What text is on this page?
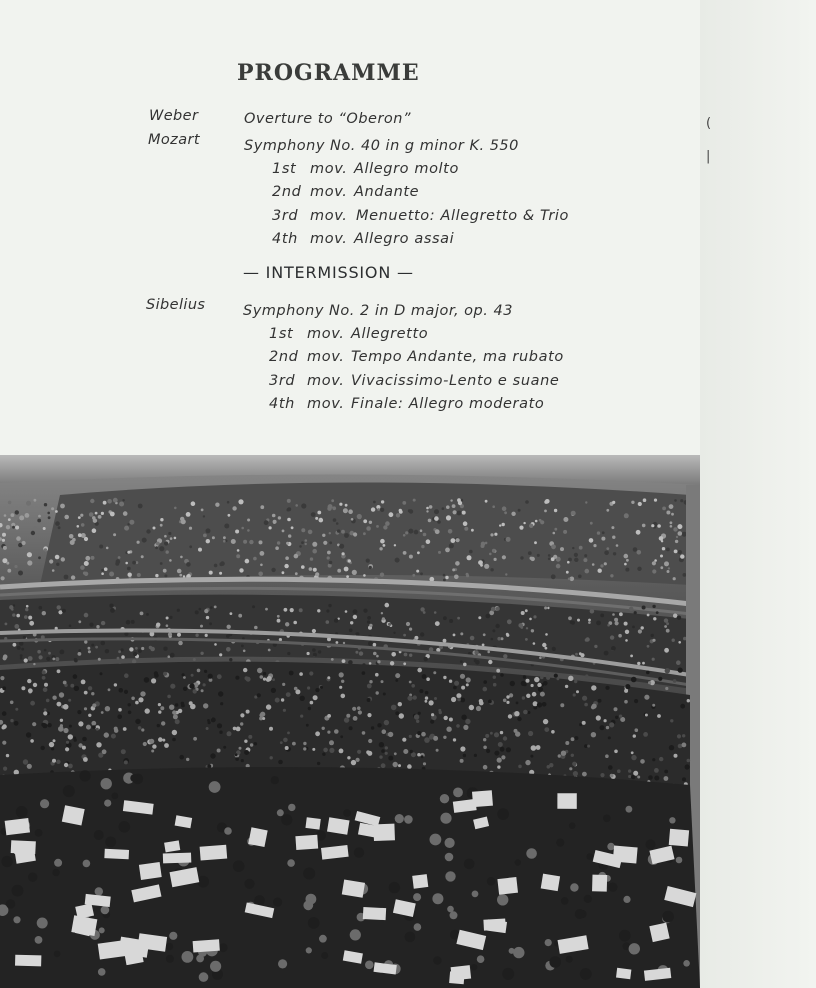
PROGRAMME
Weber	Overture to “Oberon”
Mozart	Symphony No. 40 in g minor K. 550
1st mov. Allegro molto
2nd mov. Andante
3rd mov. Menuetto: Allegretto & Trio
4th mov. Allegro assai
— INTERMISSION —
Sibelius	Symphony No. 2 in D major, op. 43
1st mov. Allegretto
2nd mov. Tempo Andante, ma rubato
3rd mov. Vivacissimo-Lento e suane
4th mov. Finale: Allegro moderato
(
|
